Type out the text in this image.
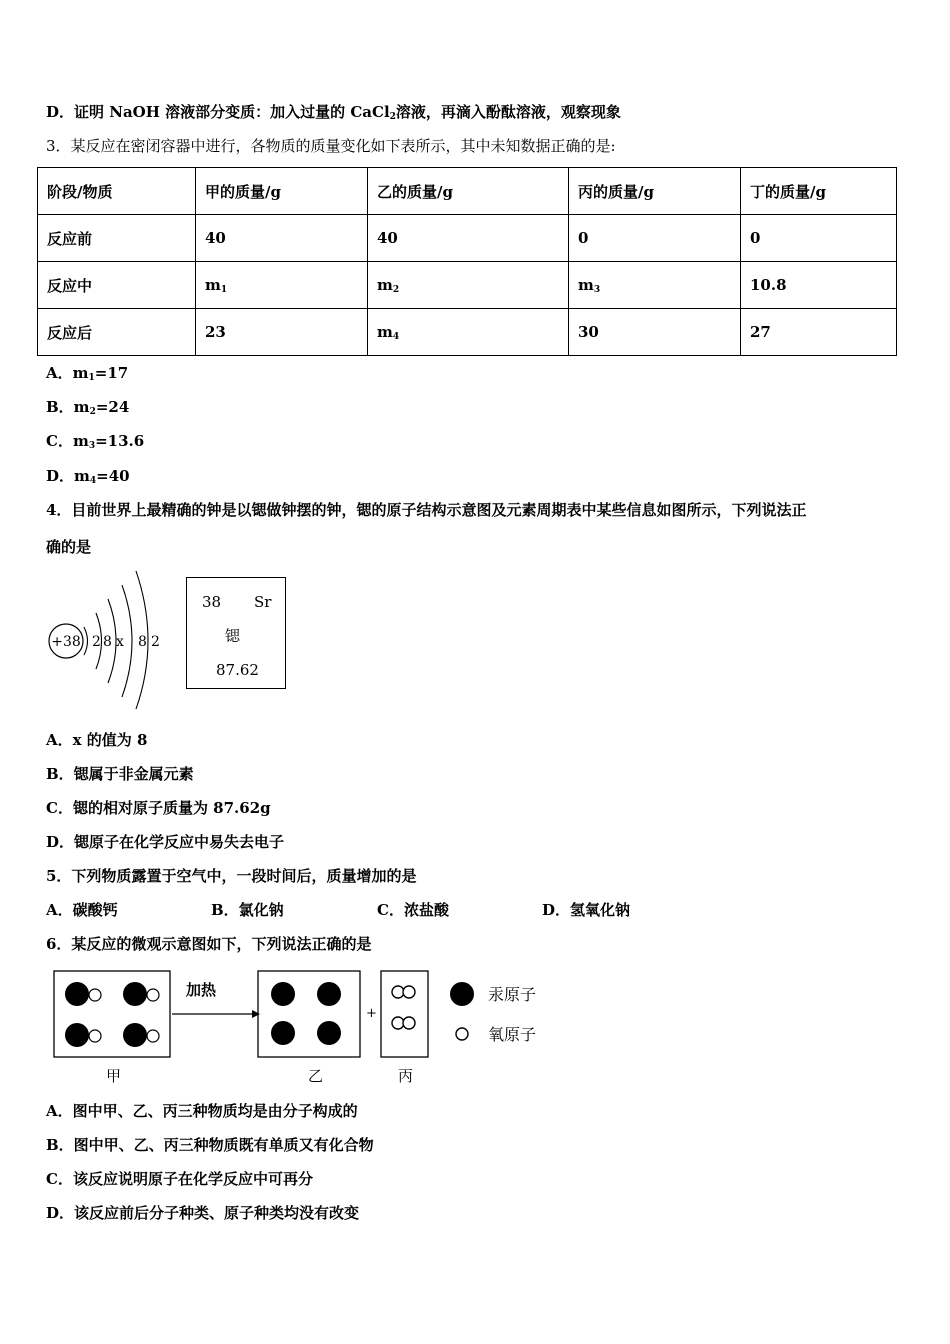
D．证明 NaOH 溶液部分变质：加入过量的 CaCl$_2$溶液，再滴入酚酞溶液，观察现象
3．某反应在密闭容器中进行，各物质的质量变化如下表所示，其中未知数据正确的是:
阶段/物质	甲的质量/g	乙的质量/g	丙的质量/g	丁的质量/g
反应前	40	40	0	0
反应中	$m_1$	$m_2$	$m_3$	10.8
反应后	23	$m_4$	30	27
A．$m_1=17$
B．$m_2=24$
C．$m_3=13.6$
D．$m_4=40$
4．目前世界上最精确的钟是以锶做钟摆的钟，锶的原子结构示意图及元素周期表中某些信息如图所示，下列说法正
确的是
+38 2 8 x 8 2
38 Sr
锶
87.62
A．x 的值为 8
B．锶属于非金属元素
C．锶的相对原子质量为 87.62g
D．锶原子在化学反应中易失去电子
5．下列物质露置于空气中，一段时间后，质量增加的是
A．碳酸钙	B．氯化钠	C．浓盐酸	D．氢氧化钠
6．某反应的微观示意图如下，下列说法正确的是
加热
+
汞原子
氧原子
甲	乙	丙
A．图中甲、乙、丙三种物质均是由分子构成的
B．图中甲、乙、丙三种物质既有单质又有化合物
C．该反应说明原子在化学反应中可再分
D．该反应前后分子种类、原子种类均没有改变
